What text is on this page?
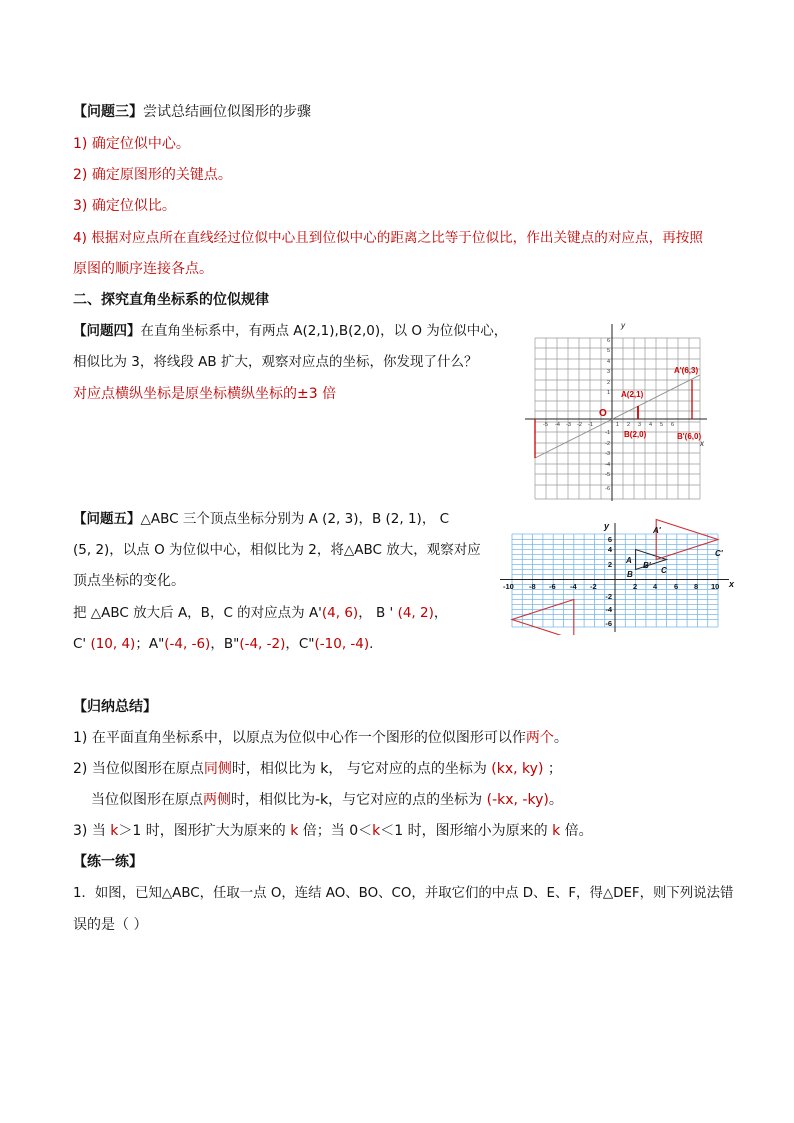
【问题三】尝试总结画位似图形的步骤
1) 确定位似中心。
2) 确定原图形的关键点。
3) 确定位似比。
4) 根据对应点所在直线经过位似中心且到位似中心的距离之比等于位似比，作出关键点的对应点，再按照
原图的顺序连接各点。
二、探究直角坐标系的位似规律
【问题四】在直角坐标系中，有两点 A(2,1),B(2,0)，以 O 为位似中心，
相似比为 3，将线段 AB 扩大，观察对应点的坐标，你发现了什么？
对应点横纵坐标是原坐标横纵坐标的±3 倍
-5 -4 -3 -2 -1	1 2 3 4 5 6
6
5
4
3
2
1
-1
-2
-3
-4
-5
-6
y
x
O
A(2,1)
A'(6,3)
B(2,0)	B'(6,0)
【问题五】△ABC 三个顶点坐标分别为 A (2, 3)，B (2, 1)， C
(5, 2)，以点 O 为位似中心，相似比为 2，将△ABC 放大，观察对应
顶点坐标的变化。
把 △ABC 放大后 A，B，C 的对应点为 A'(4, 6)， B ' (4, 2)，
C' (10, 4)；A"(-4, -6)，B"(-4, -2)，C"(-10, -4).
-10 -8 -6 -4 -2	2 4 6 8 10
6
4
2
-2
-4
-6
y
x
A
B	C
A'
B'
C'
【归纳总结】
1) 在平面直角坐标系中，以原点为位似中心作一个图形的位似图形可以作两个。
2) 当位似图形在原点同侧时，相似比为 k， 与它对应的点的坐标为 (kx, ky) ；
当位似图形在原点两侧时，相似比为-k，与它对应的点的坐标为 (-kx, -ky)。
3) 当 k＞1 时，图形扩大为原来的 k 倍；当 0＜k＜1 时，图形缩小为原来的 k 倍。
【练一练】
1．如图，已知△ABC，任取一点 O，连结 AO、BO、CO，并取它们的中点 D、E、F，得△DEF，则下列说法错
误的是（ ）
